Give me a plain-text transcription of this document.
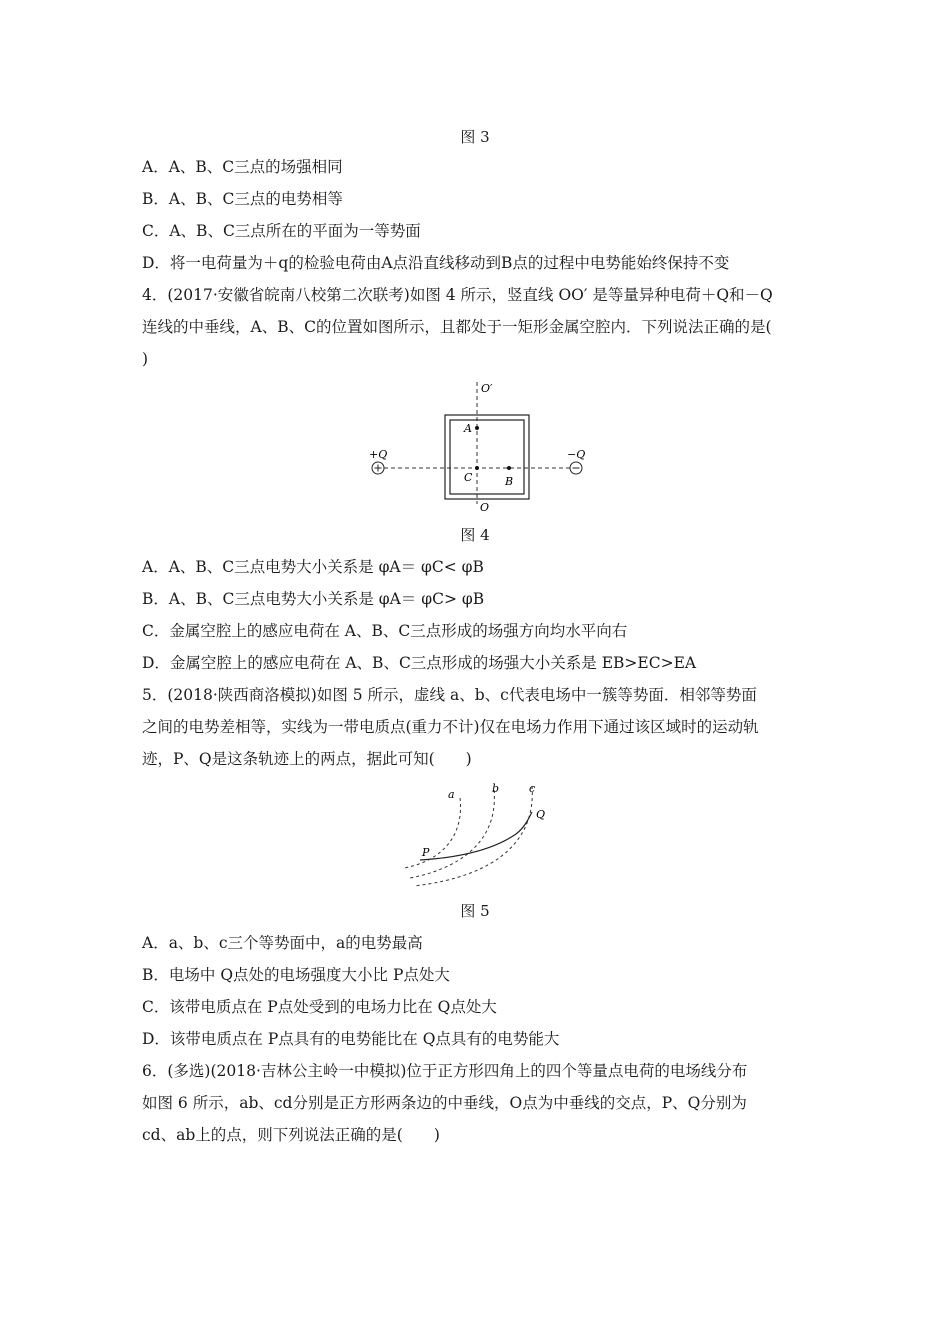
图 3
A．A、B、C三点的场强相同
B．A、B、C三点的电势相等
C．A、B、C三点所在的平面为一等势面
D．将一电荷量为＋q的检验电荷由A点沿直线移动到B点的过程中电势能始终保持不变
4．(2017·安徽省皖南八校第二次联考)如图 4 所示，竖直线 OO′ 是等量异种电荷＋Q和－Q
连线的中垂线，A、B、C的位置如图所示，且都处于一矩形金属空腔内．下列说法正确的是(
)
O′
O
+Q	−Q
A
C	B
图 4
A．A、B、C三点电势大小关系是 φA＝ φC< φB
B．A、B、C三点电势大小关系是 φA＝ φC> φB
C．金属空腔上的感应电荷在 A、B、C三点形成的场强方向均水平向右
D．金属空腔上的感应电荷在 A、B、C三点形成的场强大小关系是 EB>EC>EA
5．(2018·陕西商洛模拟)如图 5 所示，虚线 a、b、c代表电场中一簇等势面．相邻等势面
之间的电势差相等，实线为一带电质点(重力不计)仅在电场力作用下通过该区域时的运动轨
迹，P、Q是这条轨迹上的两点，据此可知(　　)
a	b	c
P
Q
图 5
A．a、b、c三个等势面中，a的电势最高
B．电场中 Q点处的电场强度大小比 P点处大
C．该带电质点在 P点处受到的电场力比在 Q点处大
D．该带电质点在 P点具有的电势能比在 Q点具有的电势能大
6．(多选)(2018·吉林公主岭一中模拟)位于正方形四角上的四个等量点电荷的电场线分布
如图 6 所示，ab、cd分别是正方形两条边的中垂线，O点为中垂线的交点，P、Q分别为
cd、ab上的点，则下列说法正确的是(　　)
